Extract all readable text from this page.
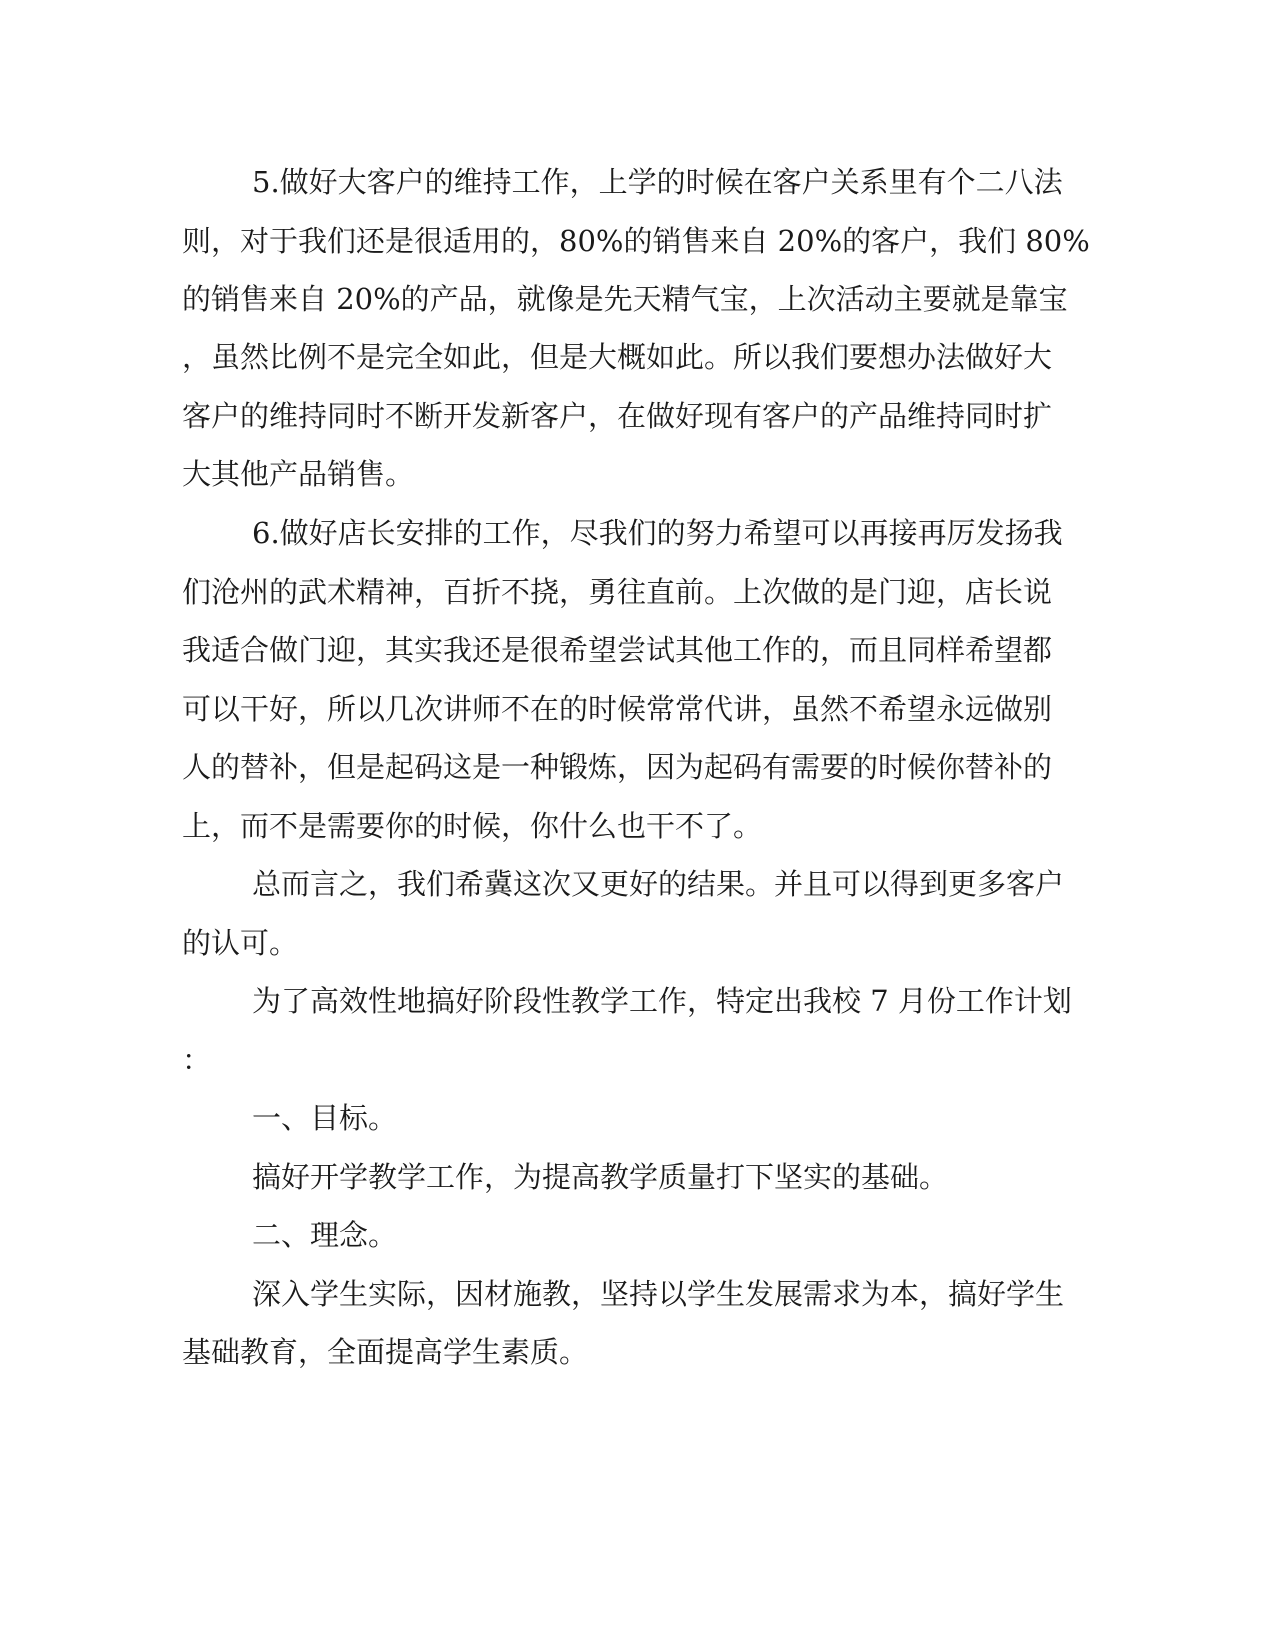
5.做好大客户的维持工作，上学的时候在客户关系里有个二八法

则，对于我们还是很适用的，80%的销售来自 20%的客户，我们 80%

的销售来自 20%的产品，就像是先天精气宝，上次活动主要就是靠宝

，虽然比例不是完全如此，但是大概如此。所以我们要想办法做好大

客户的维持同时不断开发新客户，在做好现有客户的产品维持同时扩

大其他产品销售。

6.做好店长安排的工作，尽我们的努力希望可以再接再厉发扬我

们沧州的武术精神，百折不挠，勇往直前。上次做的是门迎，店长说

我适合做门迎，其实我还是很希望尝试其他工作的，而且同样希望都

可以干好，所以几次讲师不在的时候常常代讲，虽然不希望永远做别

人的替补，但是起码这是一种锻炼，因为起码有需要的时候你替补的

上，而不是需要你的时候，你什么也干不了。

总而言之，我们希冀这次又更好的结果。并且可以得到更多客户

的认可。

为了高效性地搞好阶段性教学工作，特定出我校 7 月份工作计划

：

一、目标。

搞好开学教学工作，为提高教学质量打下坚实的基础。

二、理念。

深入学生实际，因材施教，坚持以学生发展需求为本，搞好学生

基础教育，全面提高学生素质。
